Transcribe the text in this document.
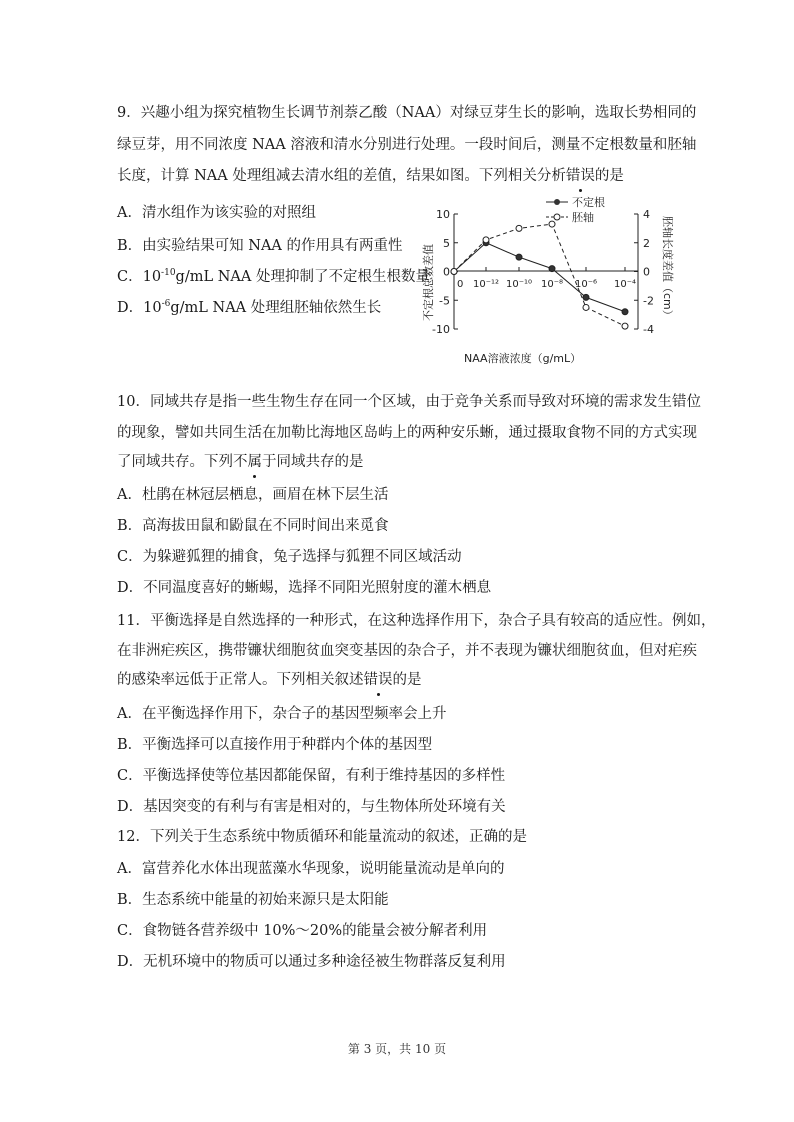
9．兴趣小组为探究植物生长调节剂萘乙酸（NAA）对绿豆芽生长的影响，选取长势相同的
绿豆芽，用不同浓度 NAA 溶液和清水分别进行处理。一段时间后，测量不定根数量和胚轴
长度，计算 NAA 处理组减去清水组的差值，结果如图。下列相关分析错误的是
A．清水组作为该实验的对照组
B．由实验结果可知 NAA 的作用具有两重性
C．$10^{-10}g/mL$ NAA 处理抑制了不定根生根数量
D．$10^{-6}g/mL$ NAA 处理组胚轴依然生长
10
5
0
-5
-10
4
2
0
-2
-4
0 10⁻¹² 10⁻¹⁰ 10⁻⁸ 10⁻⁶ 10⁻⁴
不定根
胚轴
不定根总数差值	胚轴长度差值（cm）
NAA溶液浓度（g/mL）
10．同域共存是指一些生物生存在同一个区域，由于竞争关系而导致对环境的需求发生错位
的现象，譬如共同生活在加勒比海地区岛屿上的两种安乐蜥，通过摄取食物不同的方式实现
了同域共存。下列不属于同域共存的是
A．杜鹃在林冠层栖息，画眉在林下层生活
B．高海拔田鼠和鼢鼠在不同时间出来觅食
C．为躲避狐狸的捕食，兔子选择与狐狸不同区域活动
D．不同温度喜好的蜥蜴，选择不同阳光照射度的灌木栖息
11．平衡选择是自然选择的一种形式，在这种选择作用下，杂合子具有较高的适应性。例如，
在非洲疟疾区，携带镰状细胞贫血突变基因的杂合子，并不表现为镰状细胞贫血，但对疟疾
的感染率远低于正常人。下列相关叙述错误的是
A．在平衡选择作用下，杂合子的基因型频率会上升
B．平衡选择可以直接作用于种群内个体的基因型
C．平衡选择使等位基因都能保留，有利于维持基因的多样性
D．基因突变的有利与有害是相对的，与生物体所处环境有关
12．下列关于生态系统中物质循环和能量流动的叙述，正确的是
A．富营养化水体出现蓝藻水华现象，说明能量流动是单向的
B．生态系统中能量的初始来源只是太阳能
C．食物链各营养级中 10%～20%的能量会被分解者利用
D．无机环境中的物质可以通过多种途径被生物群落反复利用
第 3 页，共 10 页
